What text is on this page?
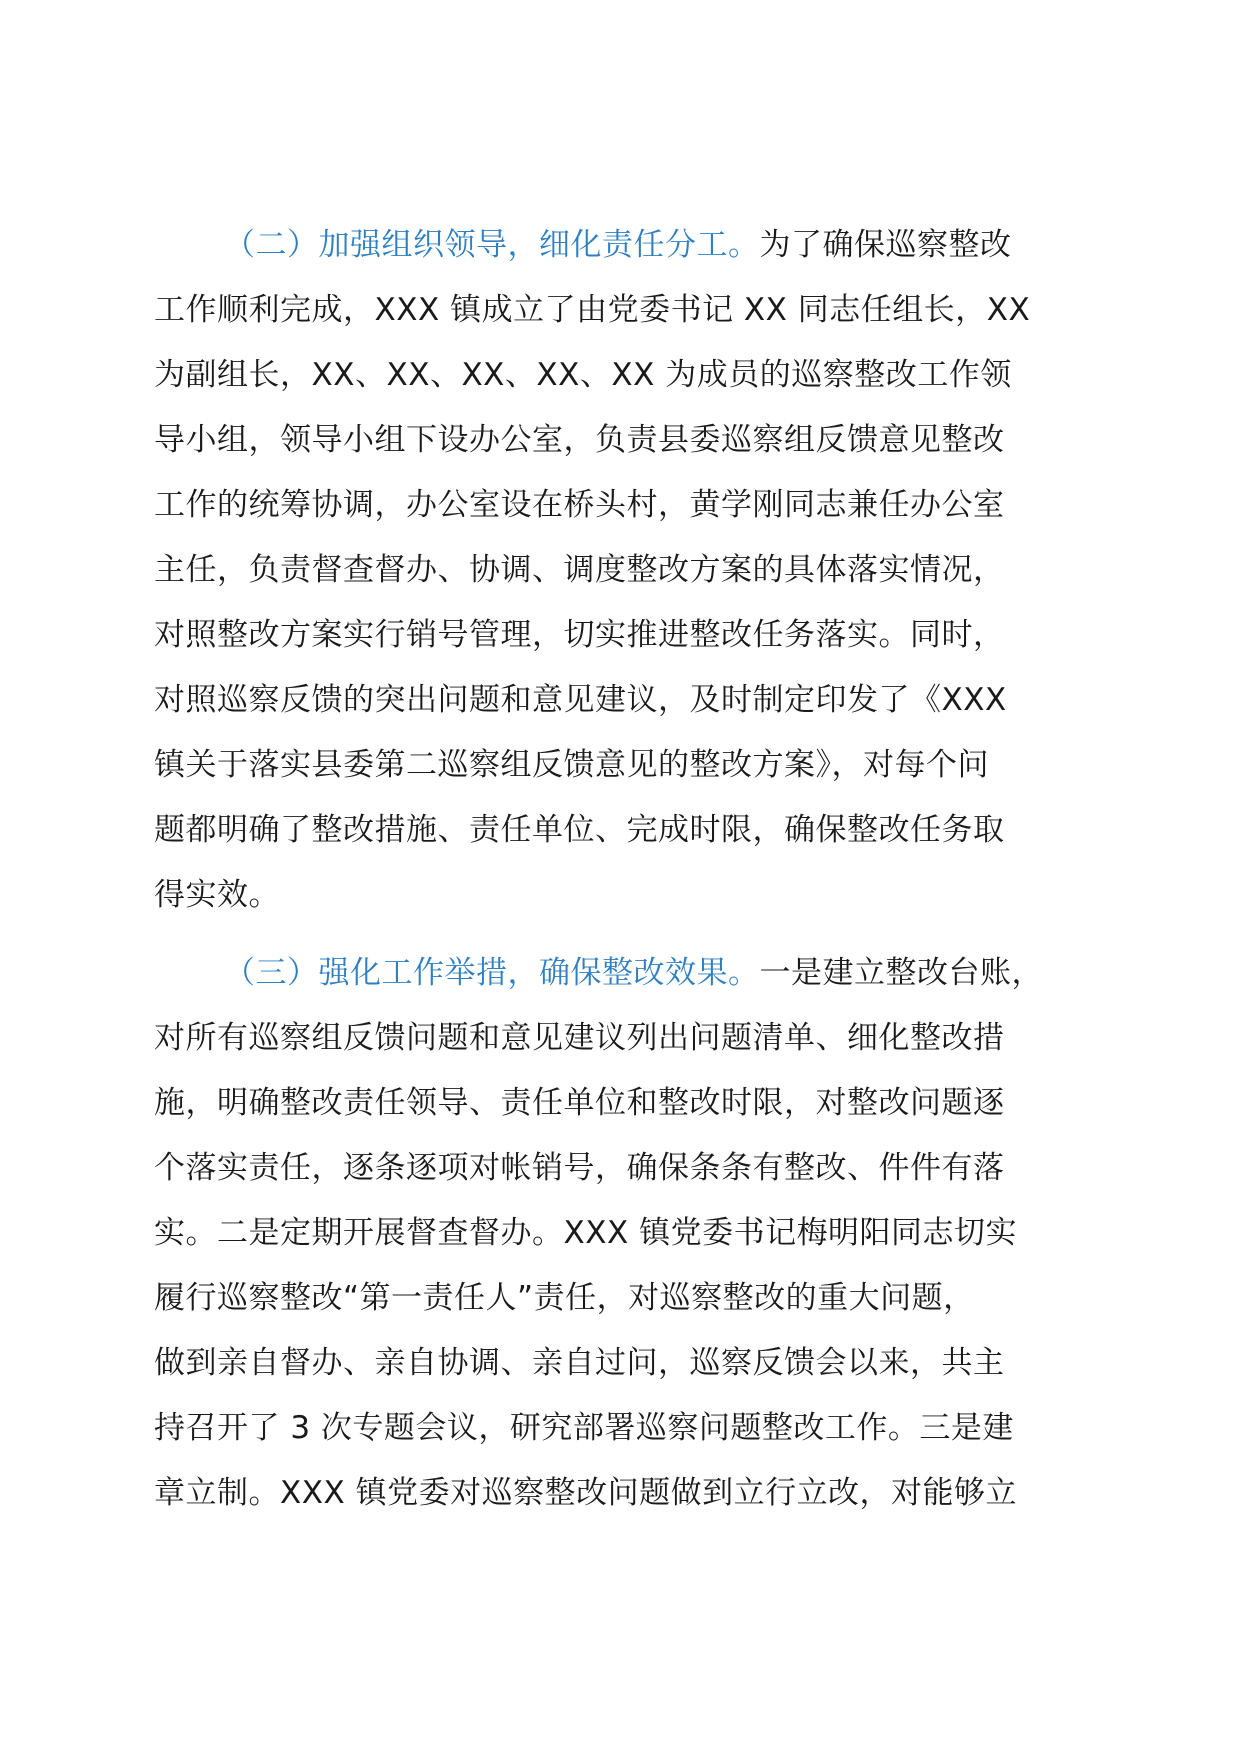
（二）加强组织领导，细化责任分工。为了确保巡察整改
工作顺利完成，XXX 镇成立了由党委书记 XX 同志任组长，XX
为副组长，XX、XX、XX、XX、XX 为成员的巡察整改工作领
导小组，领导小组下设办公室，负责县委巡察组反馈意见整改
工作的统筹协调，办公室设在桥头村，黄学刚同志兼任办公室
主任，负责督查督办、协调、调度整改方案的具体落实情况，
对照整改方案实行销号管理，切实推进整改任务落实。同时，
对照巡察反馈的突出问题和意见建议，及时制定印发了《XXX
镇关于落实县委第二巡察组反馈意见的整改方案》，对每个问
题都明确了整改措施、责任单位、完成时限，确保整改任务取
得实效。
（三）强化工作举措，确保整改效果。一是建立整改台账，
对所有巡察组反馈问题和意见建议列出问题清单、细化整改措
施，明确整改责任领导、责任单位和整改时限，对整改问题逐
个落实责任，逐条逐项对帐销号，确保条条有整改、件件有落
实。二是定期开展督查督办。XXX 镇党委书记梅明阳同志切实
履行巡察整改“第一责任人”责任，对巡察整改的重大问题，
做到亲自督办、亲自协调、亲自过问，巡察反馈会以来，共主
持召开了 3 次专题会议，研究部署巡察问题整改工作。三是建
章立制。XXX 镇党委对巡察整改问题做到立行立改，对能够立
